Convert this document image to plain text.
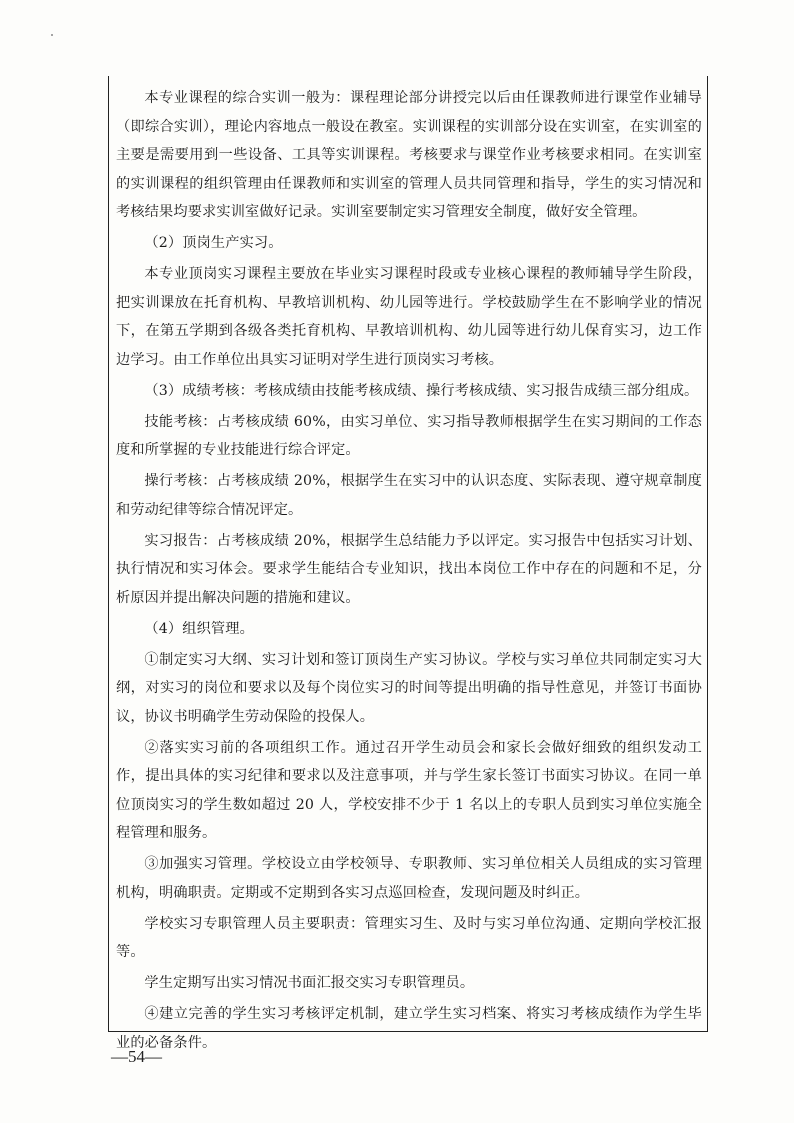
本专业课程的综合实训一般为：课程理论部分讲授完以后由任课教师进行课堂作业辅导（即综合实训），理论内容地点一般设在教室。实训课程的实训部分设在实训室，在实训室的主要是需要用到一些设备、工具等实训课程。考核要求与课堂作业考核要求相同。在实训室的实训课程的组织管理由任课教师和实训室的管理人员共同管理和指导，学生的实习情况和考核结果均要求实训室做好记录。实训室要制定实习管理安全制度，做好安全管理。

（2）顶岗生产实习。

本专业顶岗实习课程主要放在毕业实习课程时段或专业核心课程的教师辅导学生阶段，把实训课放在托育机构、早教培训机构、幼儿园等进行。学校鼓励学生在不影响学业的情况下，在第五学期到各级各类托育机构、早教培训机构、幼儿园等进行幼儿保育实习，边工作边学习。由工作单位出具实习证明对学生进行顶岗实习考核。

（3）成绩考核：考核成绩由技能考核成绩、操行考核成绩、实习报告成绩三部分组成。

技能考核：占考核成绩 60%，由实习单位、实习指导教师根据学生在实习期间的工作态度和所掌握的专业技能进行综合评定。

操行考核：占考核成绩 20%，根据学生在实习中的认识态度、实际表现、遵守规章制度和劳动纪律等综合情况评定。

实习报告：占考核成绩 20%，根据学生总结能力予以评定。实习报告中包括实习计划、执行情况和实习体会。要求学生能结合专业知识，找出本岗位工作中存在的问题和不足，分析原因并提出解决问题的措施和建议。

（4）组织管理。

①制定实习大纲、实习计划和签订顶岗生产实习协议。学校与实习单位共同制定实习大纲，对实习的岗位和要求以及每个岗位实习的时间等提出明确的指导性意见，并签订书面协议，协议书明确学生劳动保险的投保人。

②落实实习前的各项组织工作。通过召开学生动员会和家长会做好细致的组织发动工作，提出具体的实习纪律和要求以及注意事项，并与学生家长签订书面实习协议。在同一单位顶岗实习的学生数如超过 20 人，学校安排不少于 1 名以上的专职人员到实习单位实施全程管理和服务。

③加强实习管理。学校设立由学校领导、专职教师、实习单位相关人员组成的实习管理机构，明确职责。定期或不定期到各实习点巡回检查，发现问题及时纠正。

学校实习专职管理人员主要职责：管理实习生、及时与实习单位沟通、定期向学校汇报等。

学生定期写出实习情况书面汇报交实习专职管理员。

④建立完善的学生实习考核评定机制，建立学生实习档案、将实习考核成绩作为学生毕业的必备条件。

—54—
